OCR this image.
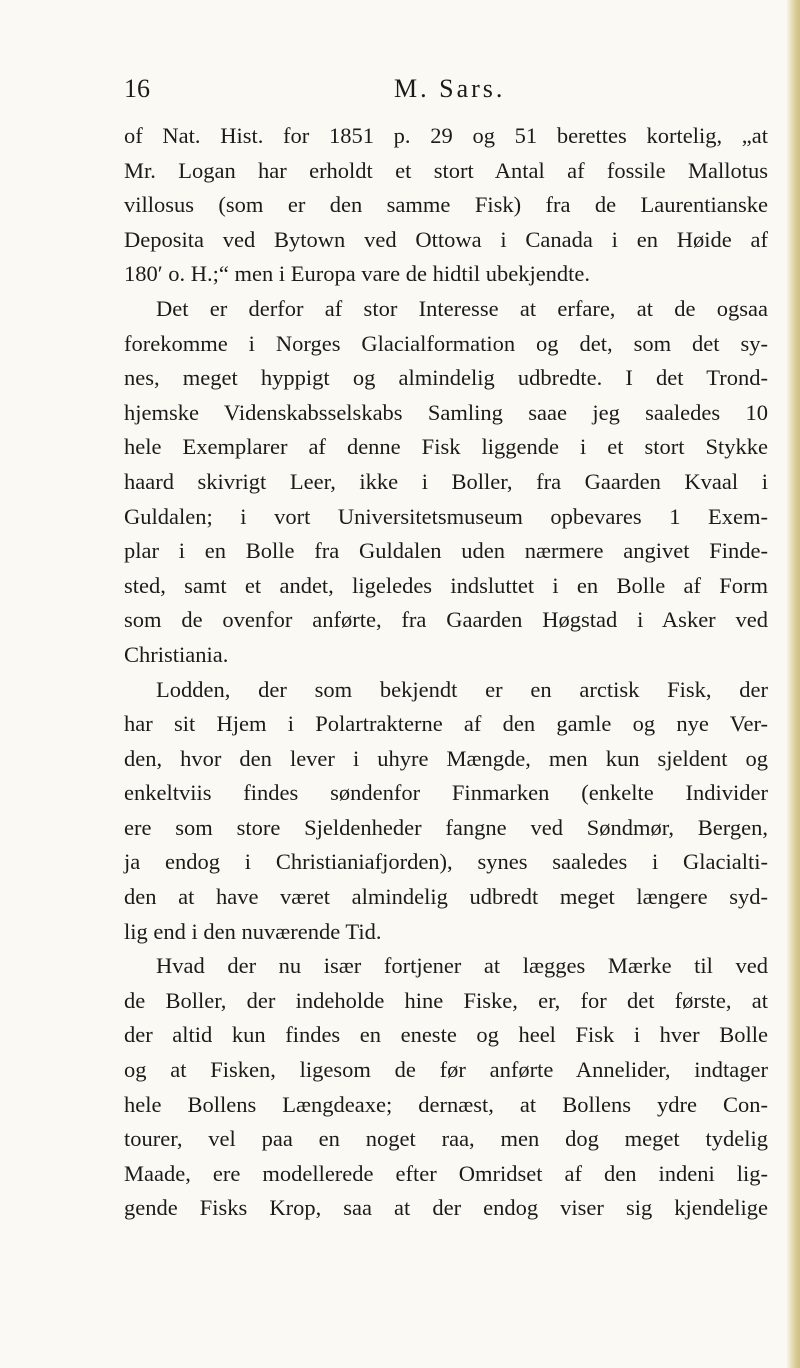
16	M. Sars.
of Nat. Hist. for 1851 p. 29 og 51 berettes kortelig, „at
Mr. Logan har erholdt et stort Antal af fossile Mallotus
villosus (som er den samme Fisk) fra de Laurentianske
Deposita ved Bytown ved Ottowa i Canada i en Høide af
180′ o. H.;“ men i Europa vare de hidtil ubekjendte.
Det er derfor af stor Interesse at erfare, at de ogsaa
forekomme i Norges Glacialformation og det, som det sy-
nes, meget hyppigt og almindelig udbredte. I det Trond-
hjemske Videnskabsselskabs Samling saae jeg saaledes 10
hele Exemplarer af denne Fisk liggende i et stort Stykke
haard skivrigt Leer, ikke i Boller, fra Gaarden Kvaal i
Guldalen; i vort Universitetsmuseum opbevares 1 Exem-
plar i en Bolle fra Guldalen uden nærmere angivet Finde-
sted, samt et andet, ligeledes indsluttet i en Bolle af Form
som de ovenfor anførte, fra Gaarden Høgstad i Asker ved
Christiania.
Lodden, der som bekjendt er en arctisk Fisk, der
har sit Hjem i Polartrakterne af den gamle og nye Ver-
den, hvor den lever i uhyre Mængde, men kun sjeldent og
enkeltviis findes søndenfor Finmarken (enkelte Individer
ere som store Sjeldenheder fangne ved Søndmør, Bergen,
ja endog i Christianiafjorden), synes saaledes i Glacialti-
den at have været almindelig udbredt meget længere syd-
lig end i den nuværende Tid.
Hvad der nu især fortjener at lægges Mærke til ved
de Boller, der indeholde hine Fiske, er, for det første, at
der altid kun findes en eneste og heel Fisk i hver Bolle
og at Fisken, ligesom de før anførte Annelider, indtager
hele Bollens Længdeaxe; dernæst, at Bollens ydre Con-
tourer, vel paa en noget raa, men dog meget tydelig
Maade, ere modellerede efter Omridset af den indeni lig-
gende Fisks Krop, saa at der endog viser sig kjendelige
